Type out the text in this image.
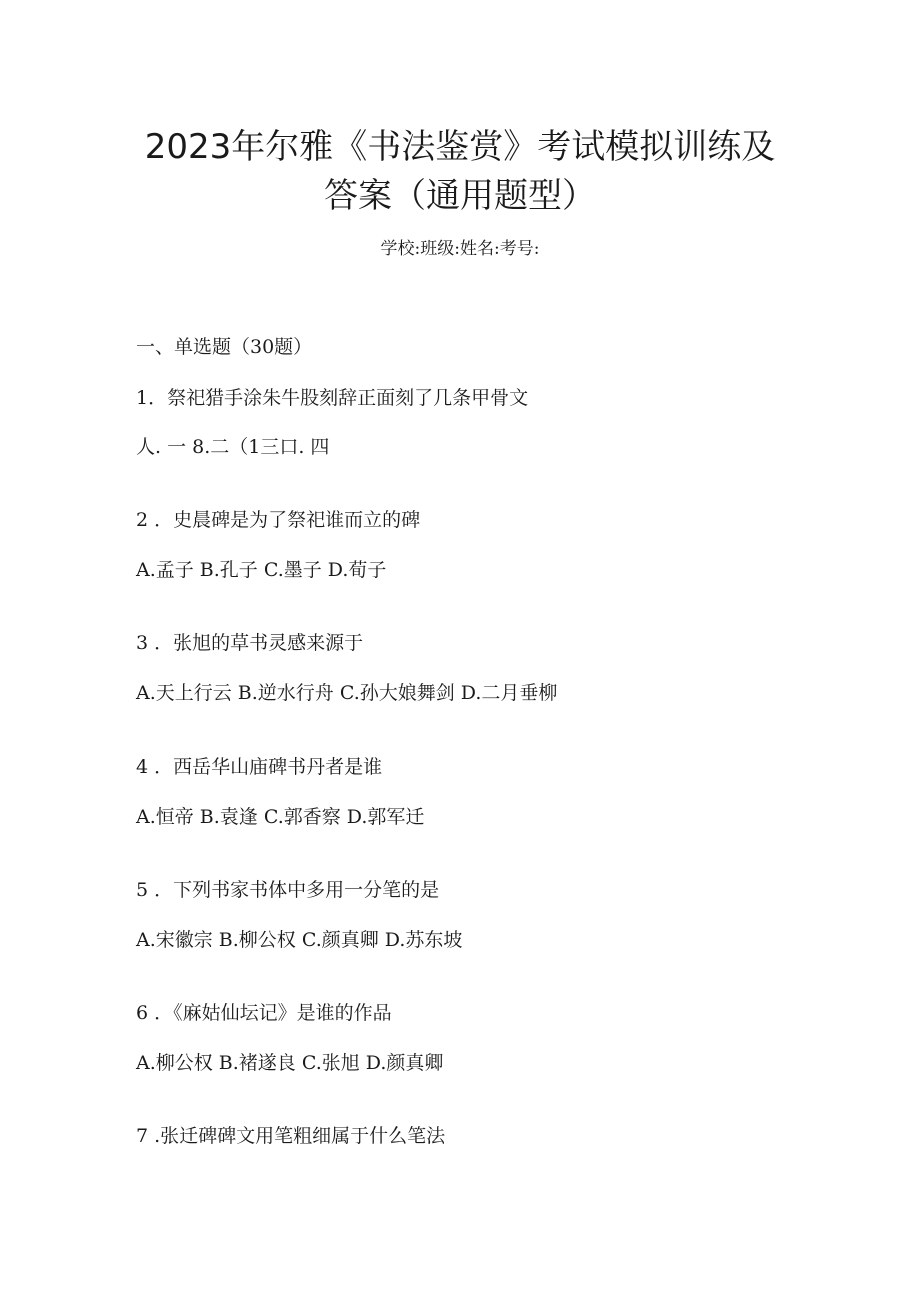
2023年尔雅《书法鉴赏》考试模拟训练及
答案（通用题型）
学校:班级:姓名:考号:
一、单选题（30题）
1．祭祀猎手涂朱牛股刻辞正面刻了几条甲骨文
人. 一 8.二（1三口. 四
2 ．史晨碑是为了祭祀谁而立的碑
A.孟子 B.孔子 C.墨子 D.荀子
3 ．张旭的草书灵感来源于
A.天上行云 B.逆水行舟 C.孙大娘舞剑 D.二月垂柳
4 ．西岳华山庙碑书丹者是谁
A.恒帝 B.袁逢 C.郭香察 D.郭军迁
5 ．下列书家书体中多用一分笔的是
A.宋徽宗 B.柳公权 C.颜真卿 D.苏东坡
6 ．《麻姑仙坛记》是谁的作品
A.柳公权 B.褚遂良 C.张旭 D.颜真卿
7 .张迁碑碑文用笔粗细属于什么笔法
